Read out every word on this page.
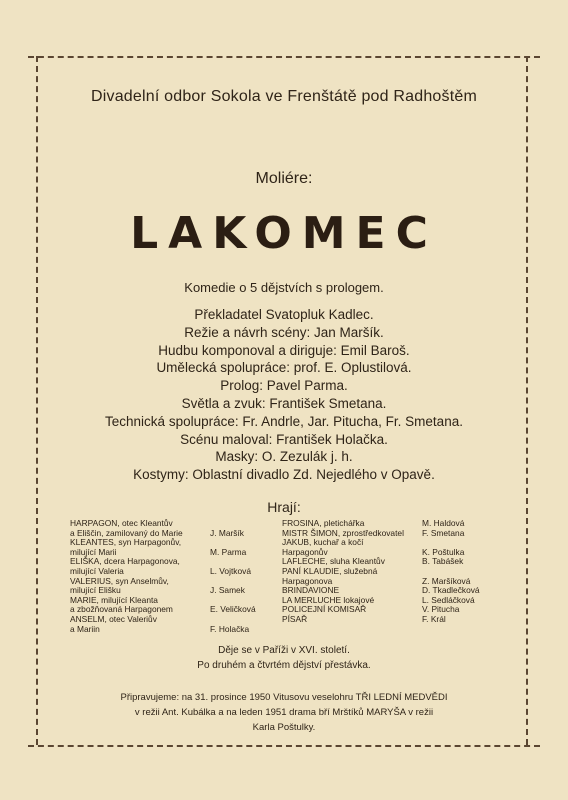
Divadelní odbor Sokola ve Frenštátě pod Radhoštěm
Moliére:
LAKOMEC
Komedie o 5 dějstvích s prologem.
Překladatel Svatopluk Kadlec.
Režie a návrh scény: Jan Maršík.
Hudbu komponoval a diriguje: Emil Baroš.
Umělecká spolupráce: prof. E. Oplustilová.
Prolog: Pavel Parma.
Světla a zvuk: František Smetana.
Technická spolupráce: Fr. Andrle, Jar. Pitucha, Fr. Smetana.
Scénu maloval: František Holačka.
Masky: O. Zezulák j. h.
Kostymy: Oblastní divadlo Zd. Nejedlého v Opavě.
Hrají:
HARPAGON, otec Kleantův
a Eliščin, zamilovaný do Marie	J. Maršík
KLEANTES, syn Harpagonův,
milující Marii	M. Parma
ELIŠKA, dcera Harpagonova,
milující Valeria	L. Vojtková
VALERIUS, syn Anselmův,
milující Elišku	J. Samek
MARIE, milující Kleanta
a zbožňovaná Harpagonem	E. Veličková
ANSELM, otec Valeriův
a Mariin	F. Holačka
FROSINA, pletichářka	M. Haldová
MISTR ŠIMON, zprostředkovatel F. Smetana
JAKUB, kuchař a kočí
Harpagonův	K. Poštulka
LAFLECHE, sluha Kleantův	B. Tabášek
PANÍ KLAUDIE, služebná
Harpagonova	Z. Maršíková
BRINDAVIONE	D. Tkadlečková
LA MERLUCHE lokajové	L. Sedláčková
POLICEJNÍ KOMISAŘ	V. Pitucha
PÍSAŘ	F. Král
Děje se v Paříži v XVI. století.
Po druhém a čtvrtém dějství přestávka.
Připravujeme: na 31. prosince 1950 Vitusovu veselohru TŘI LEDNÍ MEDVĚDI
v režii Ant. Kubálka a na leden 1951 drama bří Mrštíků MARYŠA v režii
Karla Poštulky.
